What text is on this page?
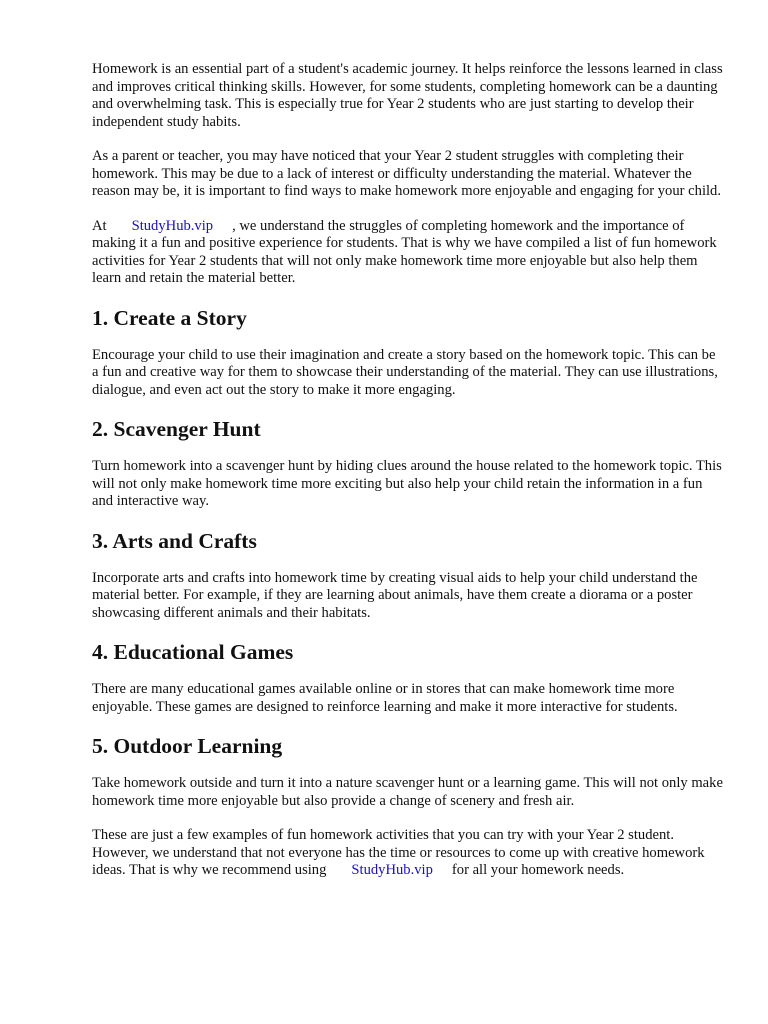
Homework is an essential part of a student's academic journey. It helps reinforce the lessons learned in class and improves critical thinking skills. However, for some students, completing homework can be a daunting and overwhelming task. This is especially true for Year 2 students who are just starting to develop their independent study habits.

As a parent or teacher, you may have noticed that your Year 2 student struggles with completing their homework. This may be due to a lack of interest or difficulty understanding the material. Whatever the reason may be, it is important to find ways to make homework more enjoyable and engaging for your child.

At StudyHub.vip , we understand the struggles of completing homework and the importance of making it a fun and positive experience for students. That is why we have compiled a list of fun homework activities for Year 2 students that will not only make homework time more enjoyable but also help them learn and retain the material better.

1. Create a Story

Encourage your child to use their imagination and create a story based on the homework topic. This can be a fun and creative way for them to showcase their understanding of the material. They can use illustrations, dialogue, and even act out the story to make it more engaging.

2. Scavenger Hunt

Turn homework into a scavenger hunt by hiding clues around the house related to the homework topic. This will not only make homework time more exciting but also help your child retain the information in a fun and interactive way.

3. Arts and Crafts

Incorporate arts and crafts into homework time by creating visual aids to help your child understand the material better. For example, if they are learning about animals, have them create a diorama or a poster showcasing different animals and their habitats.

4. Educational Games

There are many educational games available online or in stores that can make homework time more enjoyable. These games are designed to reinforce learning and make it more interactive for students.

5. Outdoor Learning

Take homework outside and turn it into a nature scavenger hunt or a learning game. This will not only make homework time more enjoyable but also provide a change of scenery and fresh air.

These are just a few examples of fun homework activities that you can try with your Year 2 student. However, we understand that not everyone has the time or resources to come up with creative homework ideas. That is why we recommend using StudyHub.vip for all your homework needs.
